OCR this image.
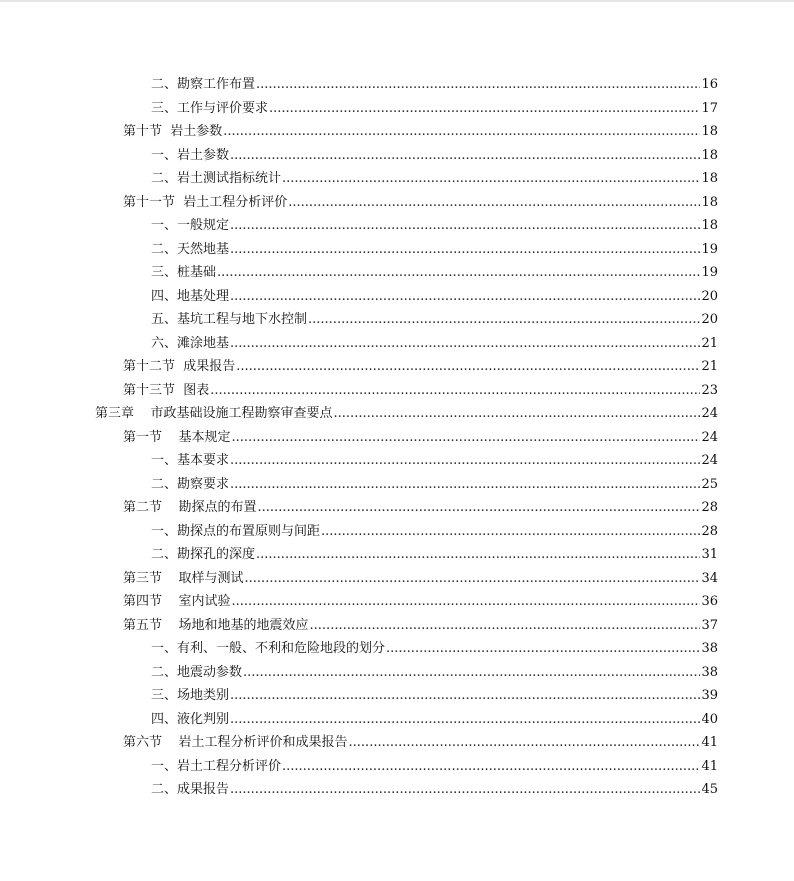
二、勘察工作布置 .....	16
三、工作与评价要求 .....	17
第十节  岩土参数 .....	18
一、岩土参数 .....	18
二、岩土测试指标统计 .....	18
第十一节  岩土工程分析评价 .....	18
一、一般规定 .....	18
二、天然地基 .....	19
三、桩基础 .....	19
四、地基处理 .....	20
五、基坑工程与地下水控制 .....	20
六、滩涂地基 .....	21
第十二节  成果报告 .....	21
第十三节  图表 .....	23
第三章    市政基础设施工程勘察审查要点 .....	24
第一节    基本规定 .....	24
一、基本要求 .....	24
二、勘察要求 .....	25
第二节    勘探点的布置 .....	28
一、勘探点的布置原则与间距 .....	28
二、勘探孔的深度 .....	31
第三节    取样与测试 .....	34
第四节    室内试验 .....	36
第五节    场地和地基的地震效应 .....	37
一、有利、一般、不利和危险地段的划分 .....	38
二、地震动参数 .....	38
三、场地类别 .....	39
四、液化判别 .....	40
第六节    岩土工程分析评价和成果报告 .....	41
一、岩土工程分析评价 .....	41
二、成果报告 .....	45
